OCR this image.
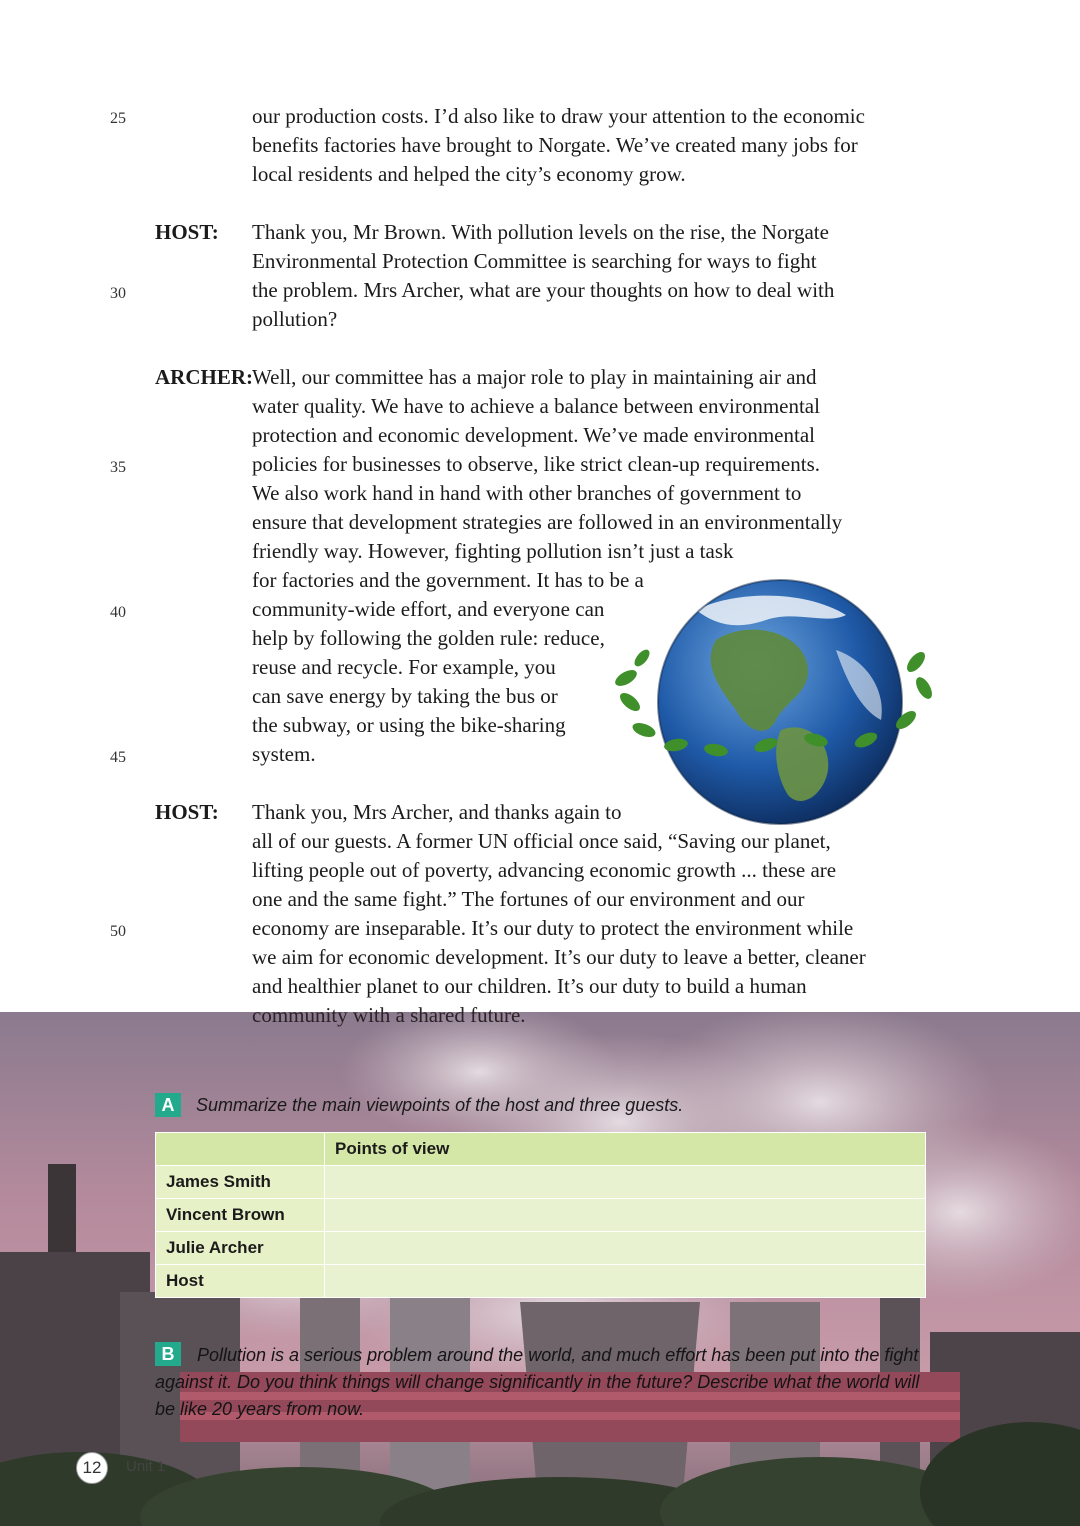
25
30
35
40
45
50
our production costs. I’d also like to draw your attention to the economic
benefits factories have brought to Norgate. We’ve created many jobs for
local residents and helped the city’s economy grow.
HOST: Thank you, Mr Brown. With pollution levels on the rise, the Norgate
Environmental Protection Committee is searching for ways to fight
the problem. Mrs Archer, what are your thoughts on how to deal with
pollution?
ARCHER: Well, our committee has a major role to play in maintaining air and
water quality. We have to achieve a balance between environmental
protection and economic development. We’ve made environmental
policies for businesses to observe, like strict clean-up requirements.
We also work hand in hand with other branches of government to
ensure that development strategies are followed in an environmentally
friendly way. However, fighting pollution isn’t just a task
for factories and the government. It has to be a
community-wide effort, and everyone can
help by following the golden rule: reduce,
reuse and recycle. For example, you
can save energy by taking the bus or
the subway, or using the bike-sharing
system.
HOST: Thank you, Mrs Archer, and thanks again to
all of our guests. A former UN official once said, “Saving our planet,
lifting people out of poverty, advancing economic growth ... these are
one and the same fight.” The fortunes of our environment and our
economy are inseparable. It’s our duty to protect the environment while
we aim for economic development. It’s our duty to leave a better, cleaner
and healthier planet to our children. It’s our duty to build a human
community with a shared future.
A	Summarize the main viewpoints of the host and three guests.
	Points of view
James Smith	
Vincent Brown	
Julie Archer	
Host	
B	Pollution is a serious problem around the world, and much effort has been put into the fight against it. Do you think things will change significantly in the future? Describe what the world will be like 20 years from now.
12	Unit 1
